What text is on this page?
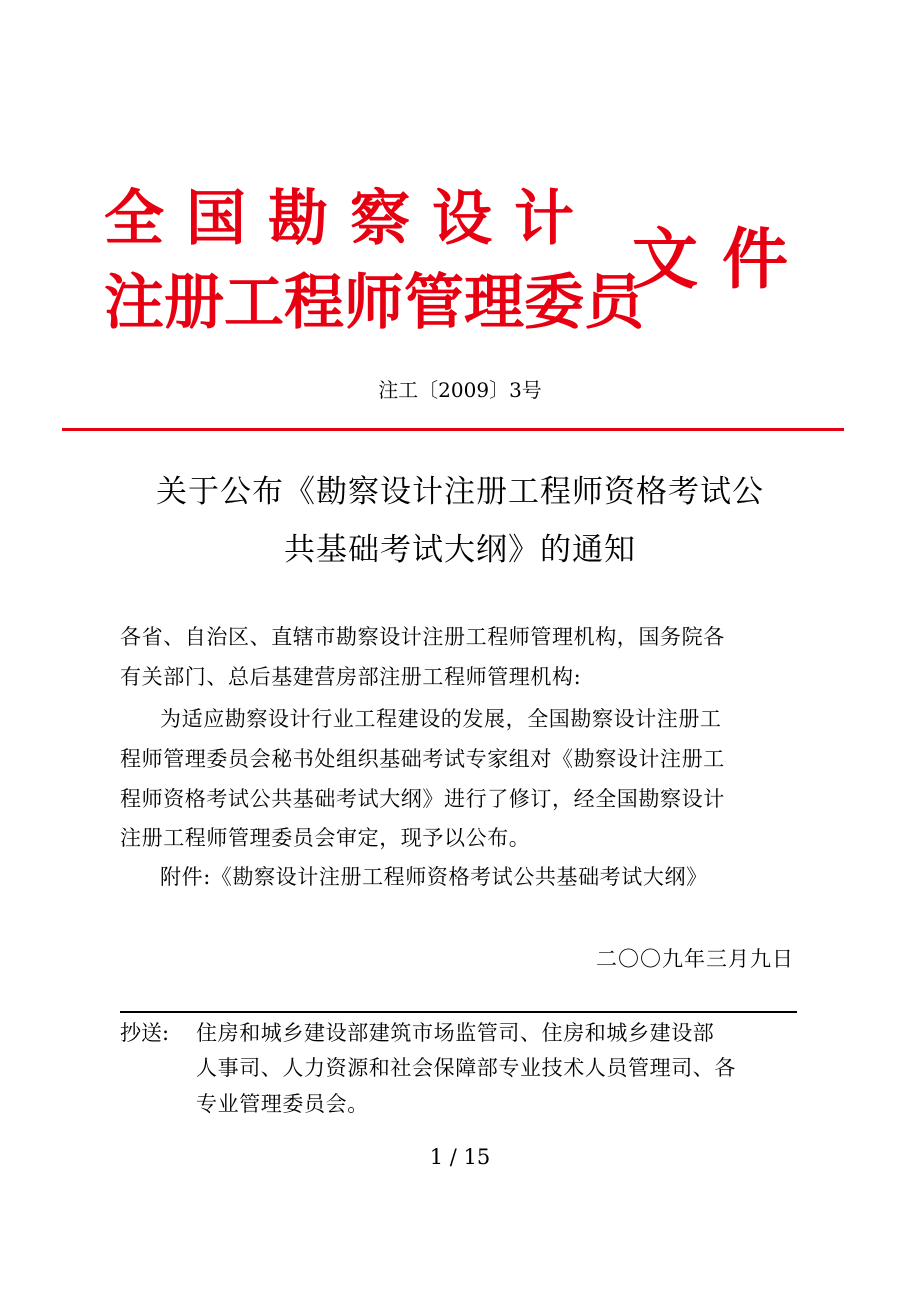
全国勘察设计
注册工程师管理委员
文件
注工〔2009〕3号
关于公布《勘察设计注册工程师资格考试公
共基础考试大纲》的通知
各省、自治区、直辖市勘察设计注册工程师管理机构，国务院各
有关部门、总后基建营房部注册工程师管理机构:
为适应勘察设计行业工程建设的发展，全国勘察设计注册工
程师管理委员会秘书处组织基础考试专家组对《勘察设计注册工
程师资格考试公共基础考试大纲》进行了修订，经全国勘察设计
注册工程师管理委员会审定，现予以公布。
附件:《勘察设计注册工程师资格考试公共基础考试大纲》
二〇〇九年三月九日
抄送: 住房和城乡建设部建筑市场监管司、住房和城乡建设部
人事司、人力资源和社会保障部专业技术人员管理司、各
专业管理委员会。
1 / 15
